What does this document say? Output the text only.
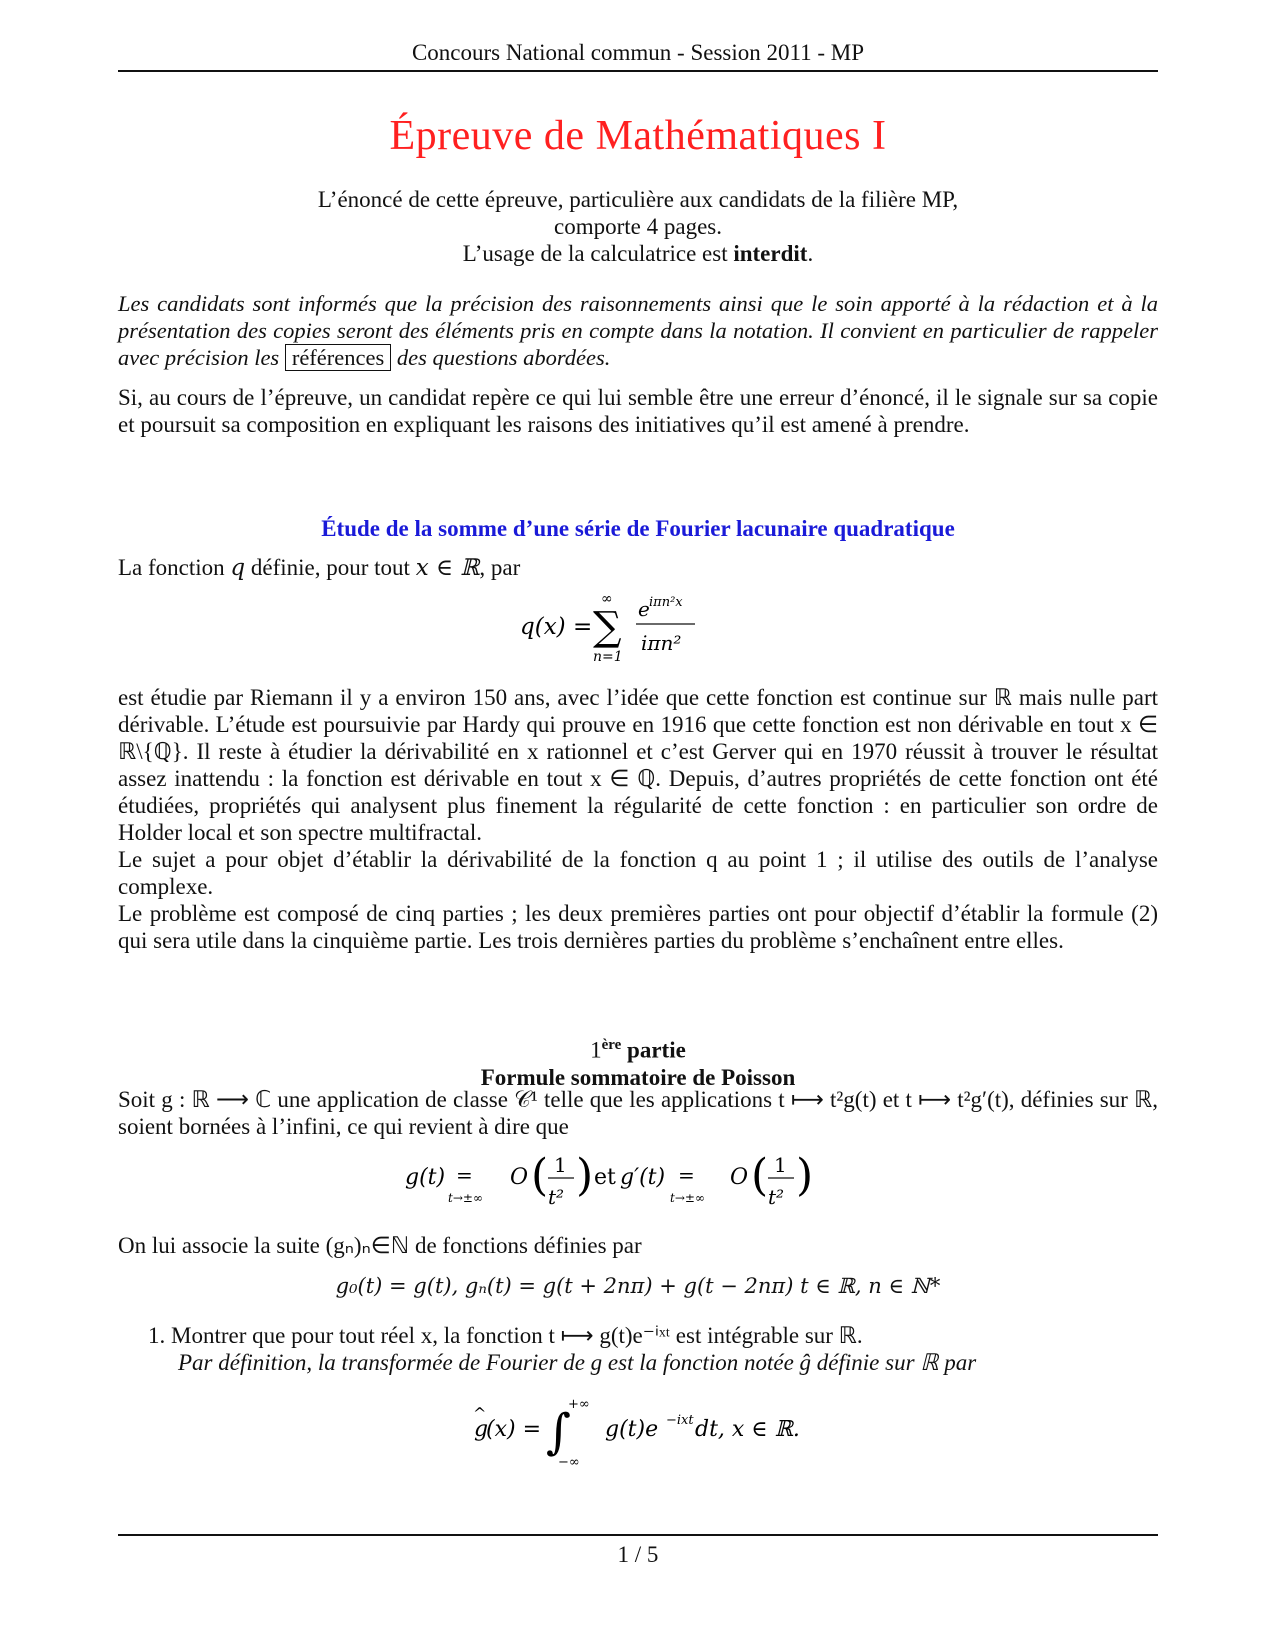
Concours National commun - Session 2011 - MP
Épreuve de Mathématiques I
L’énoncé de cette épreuve, particulière aux candidats de la filière MP,
comporte 4 pages.
L’usage de la calculatrice est interdit.
Les candidats sont informés que la précision des raisonnements ainsi que le soin apporté à la rédaction et à la présentation des copies seront des éléments pris en compte dans la notation. Il convient en particulier de rappeler avec précision les références des questions abordées.

Si, au cours de l’épreuve, un candidat repère ce qui lui semble être une erreur d’énoncé, il le signale sur sa copie et poursuit sa composition en expliquant les raisons des initiatives qu’il est amené à prendre.

Étude de la somme d’une série de Fourier lacunaire quadratique

La fonction q définie, pour tout x ∈ ℝ, par

q(x) = ∑
∞
n=1
e iπn²x
iπn²

est étudie par Riemann il y a environ 150 ans, avec l’idée que cette fonction est continue sur ℝ mais nulle part dérivable. L’étude est poursuivie par Hardy qui prouve en 1916 que cette fonction est non dérivable en tout x ∈ ℝ\{ℚ}. Il reste à étudier la dérivabilité en x rationnel et c’est Gerver qui en 1970 réussit à trouver le résultat assez inattendu : la fonction est dérivable en tout x ∈ ℚ. Depuis, d’autres propriétés de cette fonction ont été étudiées, propriétés qui analysent plus finement la régularité de cette fonction : en particulier son ordre de Holder local et son spectre multifractal.

Le sujet a pour objet d’établir la dérivabilité de la fonction q au point 1 ; il utilise des outils de l’analyse complexe.

Le problème est composé de cinq parties ; les deux premières parties ont pour objectif d’établir la formule (2) qui sera utile dans la cinquième partie. Les trois dernières parties du problème s’enchaînent entre elles.

1ère partie
Formule sommatoire de Poisson

Soit g : ℝ ⟶ ℂ une application de classe 𝒞¹ telle que les applications t ⟼ t²g(t) et t ⟼ t²g′(t), définies sur ℝ, soient bornées à l’infini, ce qui revient à dire que

g(t) =
t→±∞
O ( 1
t² ) et g′(t) =
t→±∞
O ( 1
t² )

On lui associe la suite (gₙ)ₙ∈ℕ de fonctions définies par

g₀(t) = g(t), gₙ(t) = g(t + 2nπ) + g(t − 2nπ) t ∈ ℝ, n ∈ ℕ*
1. Montrer que pour tout réel x, la fonction t ⟼ g(t)e⁻ⁱˣᵗ est intégrable sur ℝ.
Par définition, la transformée de Fourier de g est la fonction notée ĝ définie sur ℝ par
g
^
(x) = ∫
+∞
−∞
g(t)e −ixt dt, x ∈ ℝ.
1 / 5
